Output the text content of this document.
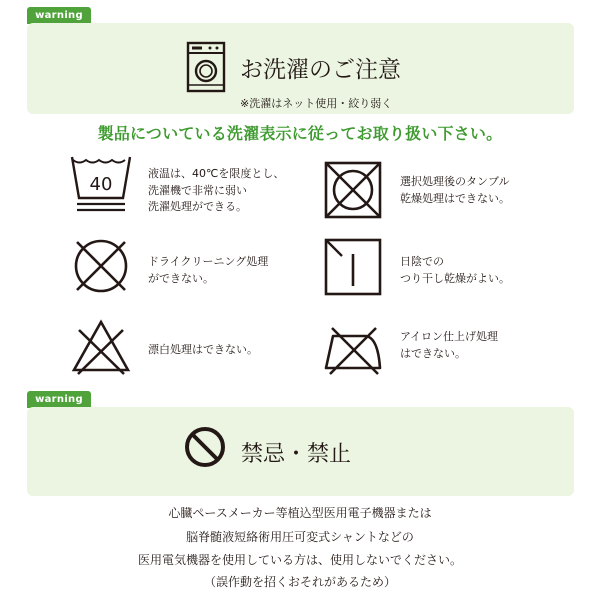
warning
お洗濯のご注意
※洗濯はネット使用・絞り弱く
製品についている洗濯表示に従ってお取り扱い下さい。
40
液温は、40℃を限度とし、
洗濯機で非常に弱い
洗濯処理ができる。
選択処理後のタンブル
乾燥処理はできない。
ドライクリーニング処理
ができない。
日陰での
つり干し乾燥がよい。
漂白処理はできない。
アイロン仕上げ処理
はできない。
warning
禁忌・禁止
心臓ペースメーカー等植込型医用電子機器または
脳脊髄液短絡術用圧可変式シャントなどの
医用電気機器を使用している方は、使用しないでください。
（誤作動を招くおそれがあるため）
